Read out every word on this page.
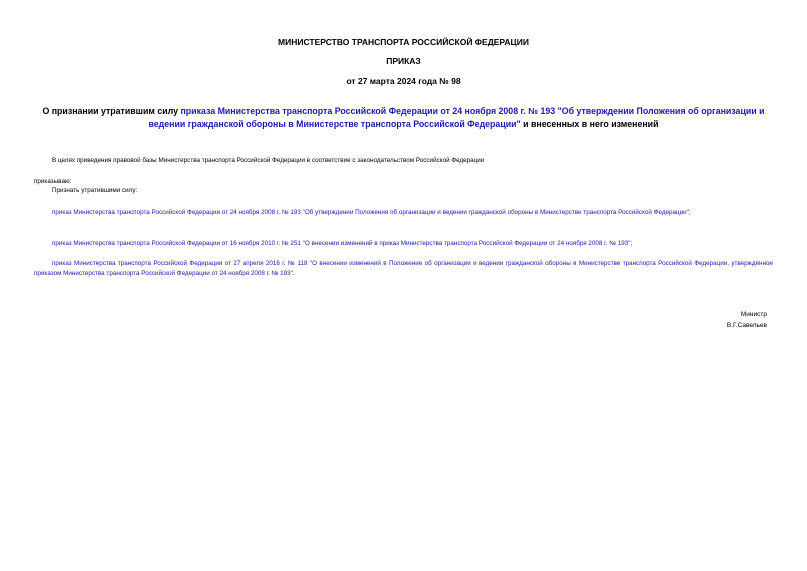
МИНИСТЕРСТВО ТРАНСПОРТА РОССИЙСКОЙ ФЕДЕРАЦИИ
ПРИКАЗ
от 27 марта 2024 года № 98
О признании утратившим силу приказа Министерства транспорта Российской Федерации от 24 ноября 2008 г. № 193 "Об утверждении Положения об организации и ведении гражданской обороны в Министерстве транспорта Российской Федерации" и внесенных в него изменений
В целях приведения правовой базы Министерства транспорта Российской Федерации в соответствие с законодательством Российской Федерации
приказываю:
Признать утратившими силу:
приказ Министерства транспорта Российской Федерации от 24 ноября 2008 г. № 193 "Об утверждении Положения об организации и ведении гражданской обороны в Министерстве транспорта Российской Федерации";
приказ Министерства транспорта Российской Федерации от 16 ноября 2010 г. № 251 "О внесении изменений в приказ Министерства транспорта Российской Федерации от 24 ноября 2008 г. № 193";
приказ Министерства транспорта Российской Федерации от 27 апреля 2016 г. № 118 "О внесении изменений в Положение об организации и ведении гражданской обороны в Министерстве транспорта Российской Федерации, утвержденное приказом Министерства транспорта Российской Федерации от 24 ноября 2008 г. № 193".
Министр
В.Г.Савельев
